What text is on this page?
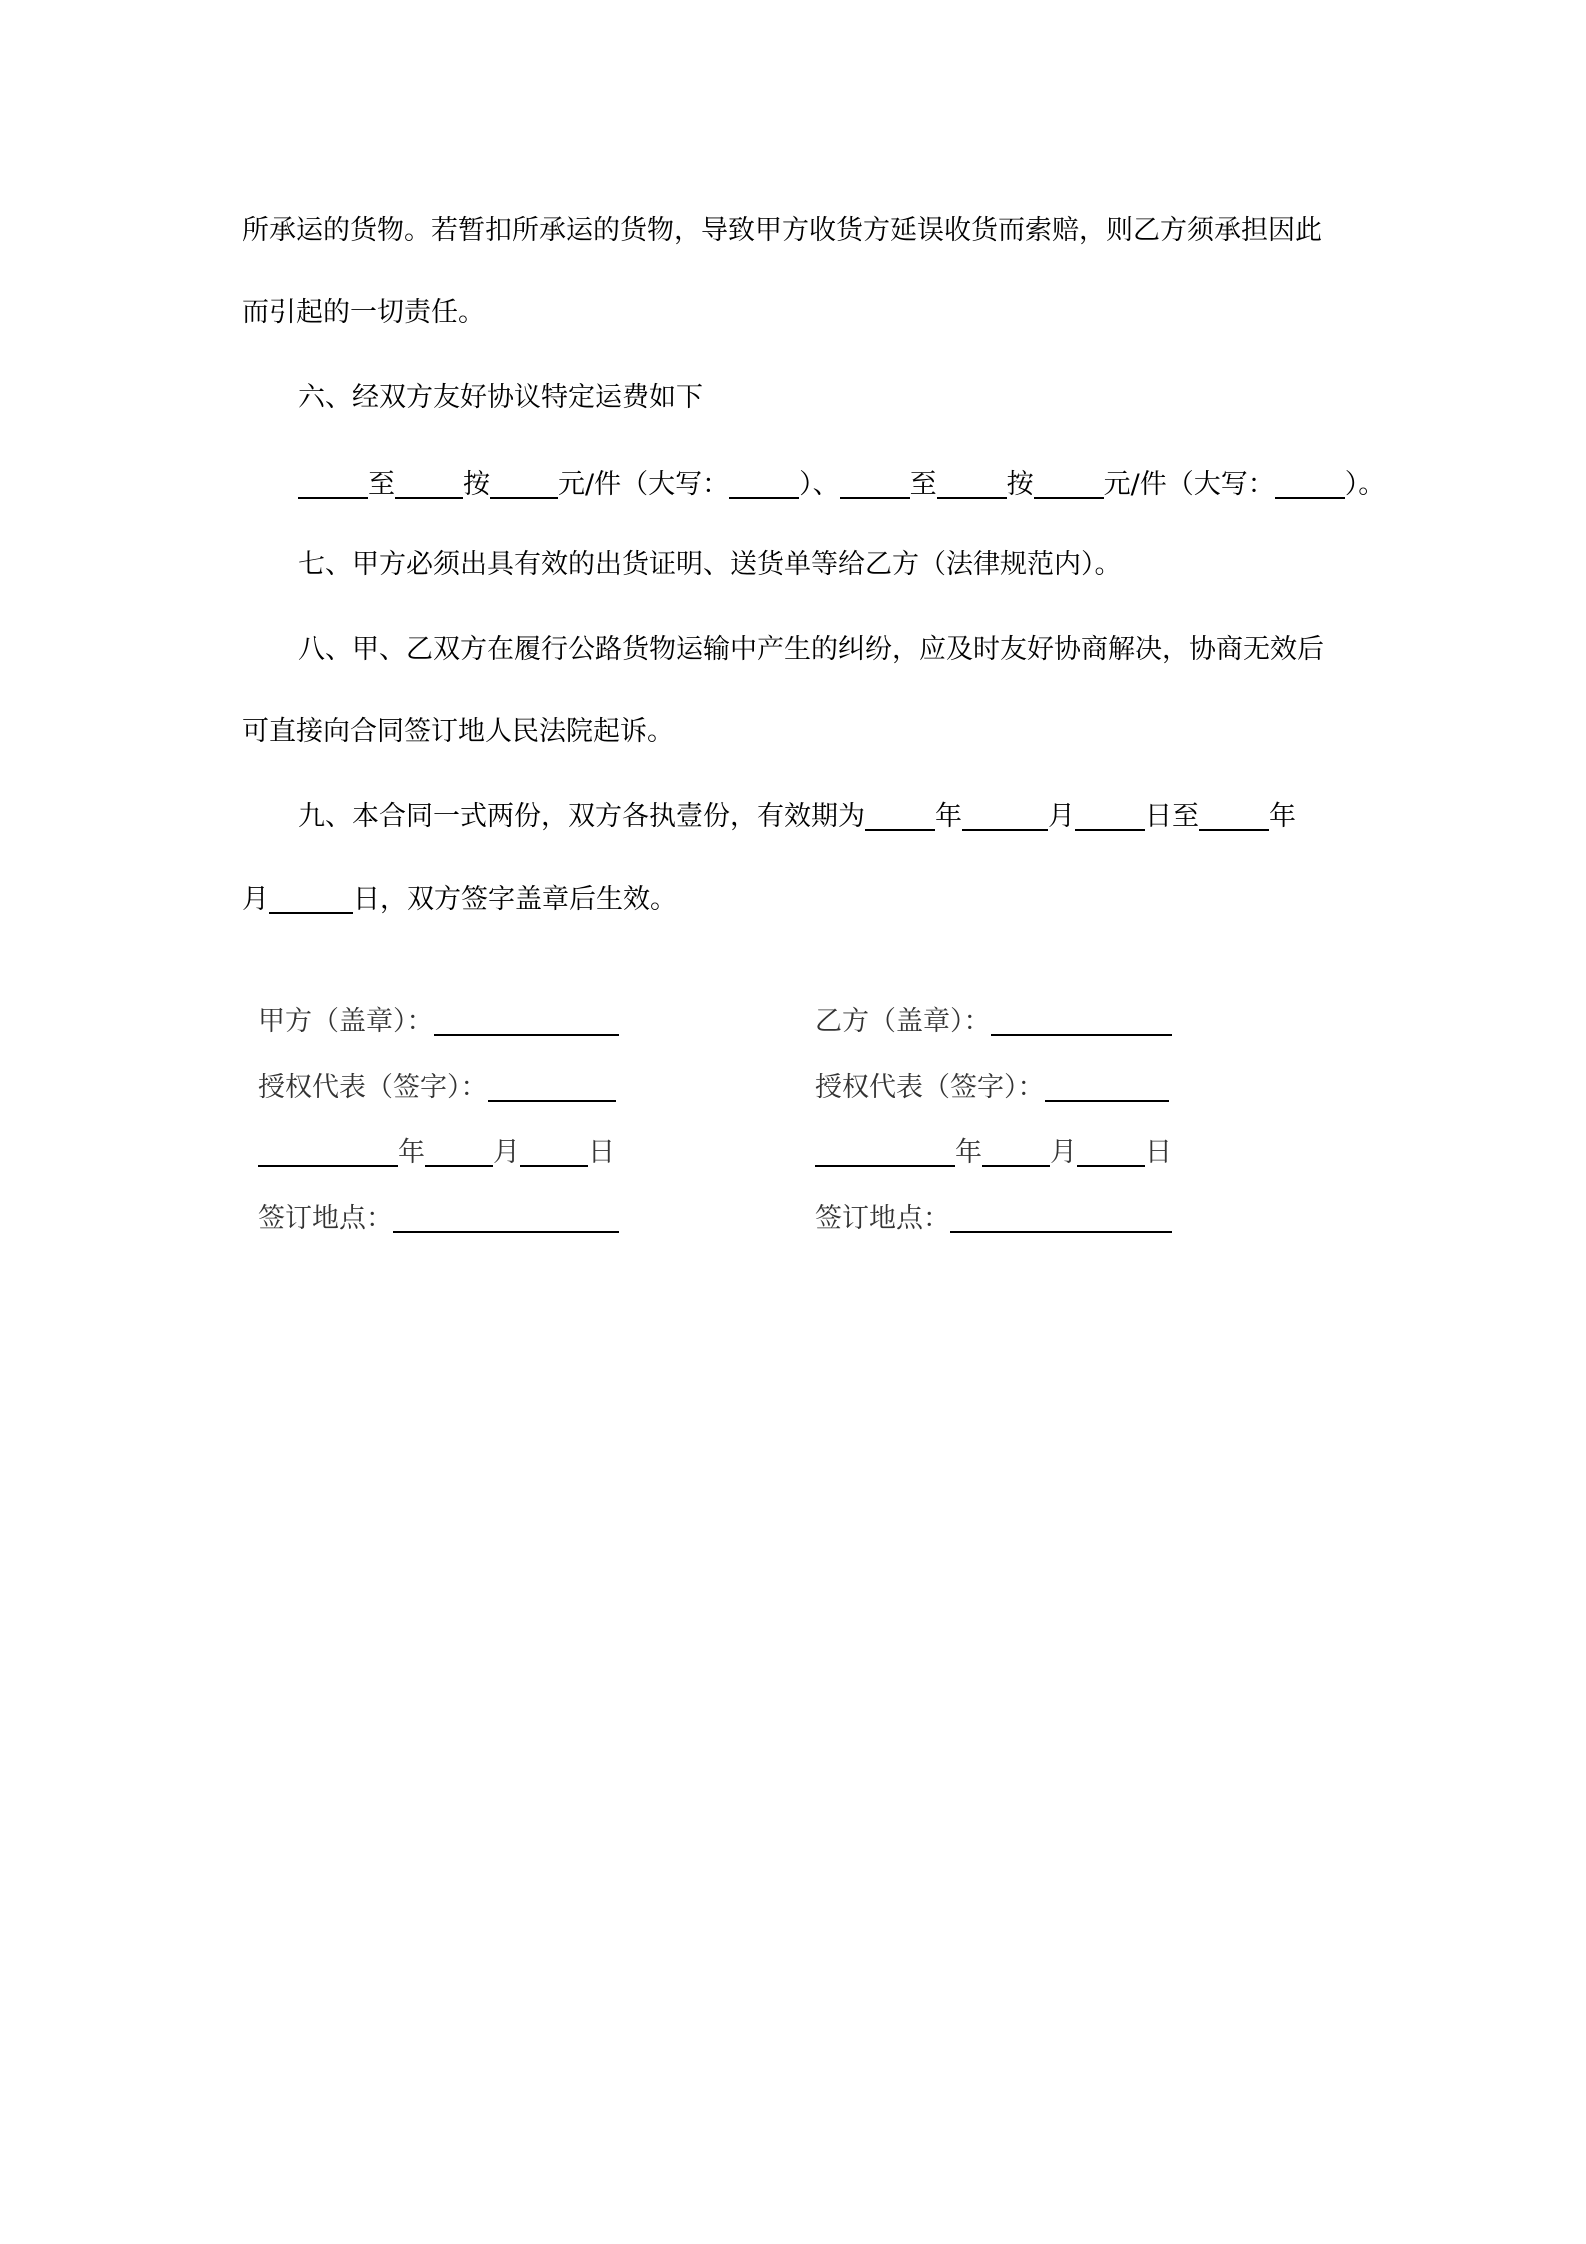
所承运的货物。若暂扣所承运的货物，导致甲方收货方延误收货而索赔，则乙方须承担因此
而引起的一切责任。
六、经双方友好协议特定运费如下
至	按	元/件（大写：	）、	至	按	元/件（大写：	）。
七、甲方必须出具有效的出货证明、送货单等给乙方（法律规范内）。
八、甲、乙双方在履行公路货物运输中产生的纠纷，应及时友好协商解决，协商无效后
可直接向合同签订地人民法院起诉。
九、本合同一式两份，双方各执壹份，有效期为	年	月	日至	年
月	日，双方签字盖章后生效。
甲方（盖章）：
授权代表（签字）：
年	月	日
签订地点：
乙方（盖章）：
授权代表（签字）：
年	月	日
签订地点：
